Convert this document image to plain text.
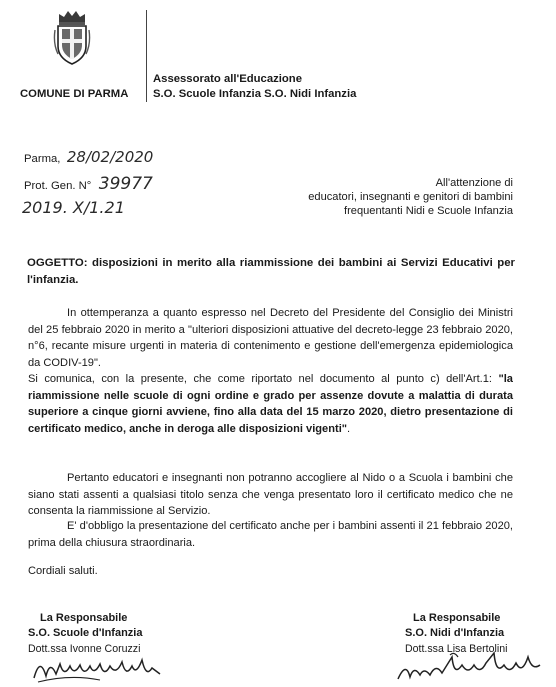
COMUNE DI PARMA
Assessorato all'Educazione
S.O. Scuole Infanzia S.O. Nidi Infanzia
Parma, 28/02/2020
Prot. Gen. N° 39977
2019. X/1.21
All'attenzione di
educatori, insegnanti e genitori di bambini
frequentanti Nidi e Scuole Infanzia
OGGETTO: disposizioni in merito alla riammissione dei bambini ai Servizi Educativi per l'infanzia.
In ottemperanza a quanto espresso nel Decreto del Presidente del Consiglio dei Ministri del 25 febbraio 2020 in merito a "ulteriori disposizioni attuative del decreto-legge 23 febbraio 2020, n°6, recante misure urgenti in materia di contenimento e gestione dell'emergenza epidemiologica da CODIV-19".
Si comunica, con la presente, che come riportato nel documento al punto c) dell'Art.1: "la riammissione nelle scuole di ogni ordine e grado per assenze dovute a malattia di durata superiore a cinque giorni avviene, fino alla data del 15 marzo 2020, dietro presentazione di certificato medico, anche in deroga alle disposizioni vigenti".
Pertanto educatori e insegnanti non potranno accogliere al Nido o a Scuola i bambini che siano stati assenti a qualsiasi titolo senza che venga presentato loro il certificato medico che ne consenta la riammissione al Servizio.
E' d'obbligo la presentazione del certificato anche per i bambini assenti il 21 febbraio 2020, prima della chiusura straordinaria.
Cordiali saluti.
La Responsabile
S.O. Scuole d'Infanzia
Dott.ssa Ivonne Coruzzi
La Responsabile
S.O. Nidi d'Infanzia
Dott.ssa Lisa Bertolini
